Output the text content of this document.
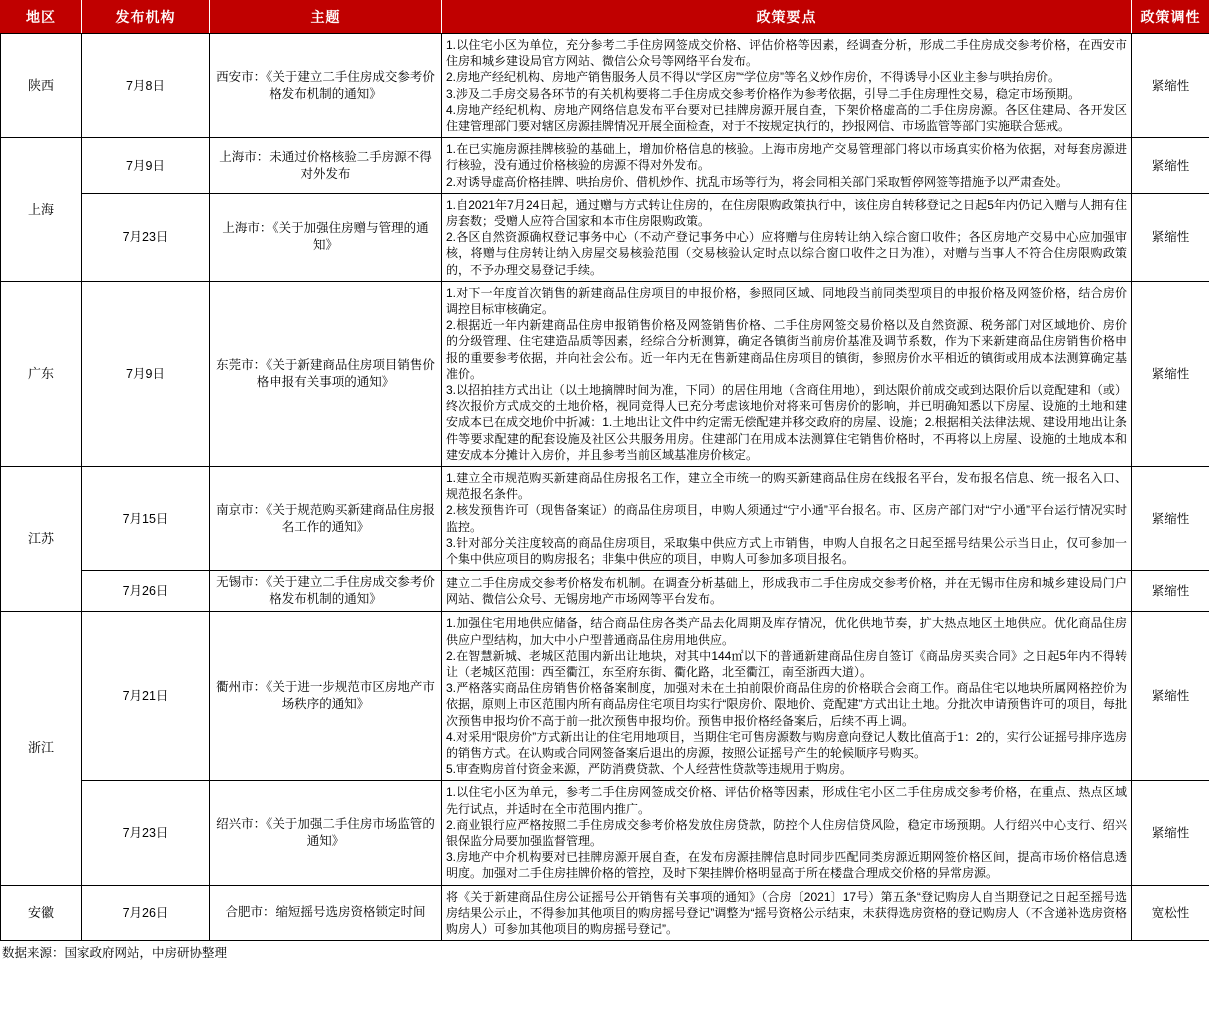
地区	发布机构	主题	政策要点	政策调性
陕西	7月8日	西安市：《关于建立二手住房成交参考价格发布机制的通知》	1.以住宅小区为单位，充分参考二手住房网签成交价格、评估价格等因素，经调查分析，形成二手住房成交参考价格，在西安市住房和城乡建设局官方网站、微信公众号等网络平台发布。
2.房地产经纪机构、房地产销售服务人员不得以“学区房”“学位房”等名义炒作房价，不得诱导小区业主参与哄抬房价。
3.涉及二手房交易各环节的有关机构要将二手住房成交参考价格作为参考依据，引导二手住房理性交易，稳定市场预期。
4.房地产经纪机构、房地产网络信息发布平台要对已挂牌房源开展自查，下架价格虚高的二手住房房源。各区住建局、各开发区住建管理部门要对辖区房源挂牌情况开展全面检查，对于不按规定执行的，抄报网信、市场监管等部门实施联合惩戒。	紧缩性
上海	7月9日	上海市：未通过价格核验二手房源不得对外发布	1.在已实施房源挂牌核验的基础上，增加价格信息的核验。上海市房地产交易管理部门将以市场真实价格为依据，对每套房源进行核验，没有通过价格核验的房源不得对外发布。
2.对诱导虚高价格挂牌、哄抬房价、借机炒作、扰乱市场等行为，将会同相关部门采取暂停网签等措施予以严肃查处。	紧缩性
	7月23日	上海市：《关于加强住房赠与管理的通知》	1.自2021年7月24日起，通过赠与方式转让住房的，在住房限购政策执行中，该住房自转移登记之日起5年内仍记入赠与人拥有住房套数；受赠人应符合国家和本市住房限购政策。
2.各区自然资源确权登记事务中心（不动产登记事务中心）应将赠与住房转让纳入综合窗口收件；各区房地产交易中心应加强审核，将赠与住房转让纳入房屋交易核验范围（交易核验认定时点以综合窗口收件之日为准），对赠与当事人不符合住房限购政策的，不予办理交易登记手续。	紧缩性
广东	7月9日	东莞市：《关于新建商品住房项目销售价格申报有关事项的通知》	1.对下一年度首次销售的新建商品住房项目的申报价格，参照同区域、同地段当前同类型项目的申报价格及网签价格，结合房价调控目标审核确定。
2.根据近一年内新建商品住房申报销售价格及网签销售价格、二手住房网签交易价格以及自然资源、税务部门对区域地价、房价的分级管理、住宅建造品质等因素，经综合分析测算，确定各镇街当前房价基准及调节系数，作为下来新建商品住房销售价格申报的重要参考依据，并向社会公布。近一年内无在售新建商品住房项目的镇街，参照房价水平相近的镇街或用成本法测算确定基准价。
3.以招拍挂方式出让（以土地摘牌时间为准，下同）的居住用地（含商住用地），到达限价前成交或到达限价后以竞配建和（或）终次报价方式成交的土地价格，视同竞得人已充分考虑该地价对将来可售房价的影响，并已明确知悉以下房屋、设施的土地和建安成本已在成交地价中折减：1.土地出让文件中约定需无偿配建并移交政府的房屋、设施；2.根据相关法律法规、建设用地出让条件等要求配建的配套设施及社区公共服务用房。住建部门在用成本法测算住宅销售价格时，不再将以上房屋、设施的土地成本和建安成本分摊计入房价，并且参考当前区域基准房价核定。	紧缩性
江苏	7月15日	南京市：《关于规范购买新建商品住房报名工作的通知》	1.建立全市规范购买新建商品住房报名工作，建立全市统一的购买新建商品住房在线报名平台，发布报名信息、统一报名入口、规范报名条件。
2.核发预售许可（现售备案证）的商品住房项目，申购人须通过“宁小通”平台报名。市、区房产部门对“宁小通”平台运行情况实时监控。
3.针对部分关注度较高的商品住房项目，采取集中供应方式上市销售，申购人自报名之日起至摇号结果公示当日止，仅可参加一个集中供应项目的购房报名；非集中供应的项目，申购人可参加多项目报名。	紧缩性
	7月26日	无锡市：《关于建立二手住房成交参考价格发布机制的通知》	建立二手住房成交参考价格发布机制。在调查分析基础上，形成我市二手住房成交参考价格，并在无锡市住房和城乡建设局门户网站、微信公众号、无锡房地产市场网等平台发布。	紧缩性
浙江	7月21日	衢州市：《关于进一步规范市区房地产市场秩序的通知》	1.加强住宅用地供应储备，结合商品住房各类产品去化周期及库存情况，优化供地节奏，扩大热点地区土地供应。优化商品住房供应户型结构，加大中小户型普通商品住房用地供应。
2.在智慧新城、老城区范围内新出让地块，对其中144㎡以下的普通新建商品住房自签订《商品房买卖合同》之日起5年内不得转让（老城区范围：西至衢江，东至府东街、衢化路，北至衢江，南至浙西大道）。
3.严格落实商品住房销售价格备案制度，加强对未在土拍前限价商品住房的价格联合会商工作。商品住宅以地块所属网格控价为依据，原则上市区范围内所有商品房住宅项目均实行“限房价、限地价、竞配建”方式出让土地。分批次申请预售许可的项目，每批次预售申报均价不高于前一批次预售申报均价。预售申报价格经备案后，后续不再上调。
4.对采用“限房价”方式新出让的住宅用地项目，当期住宅可售房源数与购房意向登记人数比值高于1：2的，实行公证摇号排序选房的销售方式。在认购或合同网签备案后退出的房源，按照公证摇号产生的轮候顺序号购买。
5.审查购房首付资金来源，严防消费贷款、个人经营性贷款等违规用于购房。	紧缩性
	7月23日	绍兴市：《关于加强二手住房市场监管的通知》	1.以住宅小区为单元，参考二手住房网签成交价格、评估价格等因素，形成住宅小区二手住房成交参考价格，在重点、热点区域先行试点，并适时在全市范围内推广。
2.商业银行应严格按照二手住房成交参考价格发放住房贷款，防控个人住房信贷风险，稳定市场预期。人行绍兴中心支行、绍兴银保监分局要加强监督管理。
3.房地产中介机构要对已挂牌房源开展自查，在发布房源挂牌信息时同步匹配同类房源近期网签价格区间，提高市场价格信息透明度。加强对二手住房挂牌价格的管控，及时下架挂牌价格明显高于所在楼盘合理成交价格的异常房源。	紧缩性
安徽	7月26日	合肥市：缩短摇号选房资格锁定时间	将《关于新建商品住房公证摇号公开销售有关事项的通知》（合房〔2021〕17号）第五条“登记购房人自当期登记之日起至摇号选房结果公示止，不得参加其他项目的购房摇号登记”调整为“摇号资格公示结束，未获得选房资格的登记购房人（不含递补选房资格购房人）可参加其他项目的购房摇号登记”。	宽松性
数据来源：国家政府网站，中房研协整理
